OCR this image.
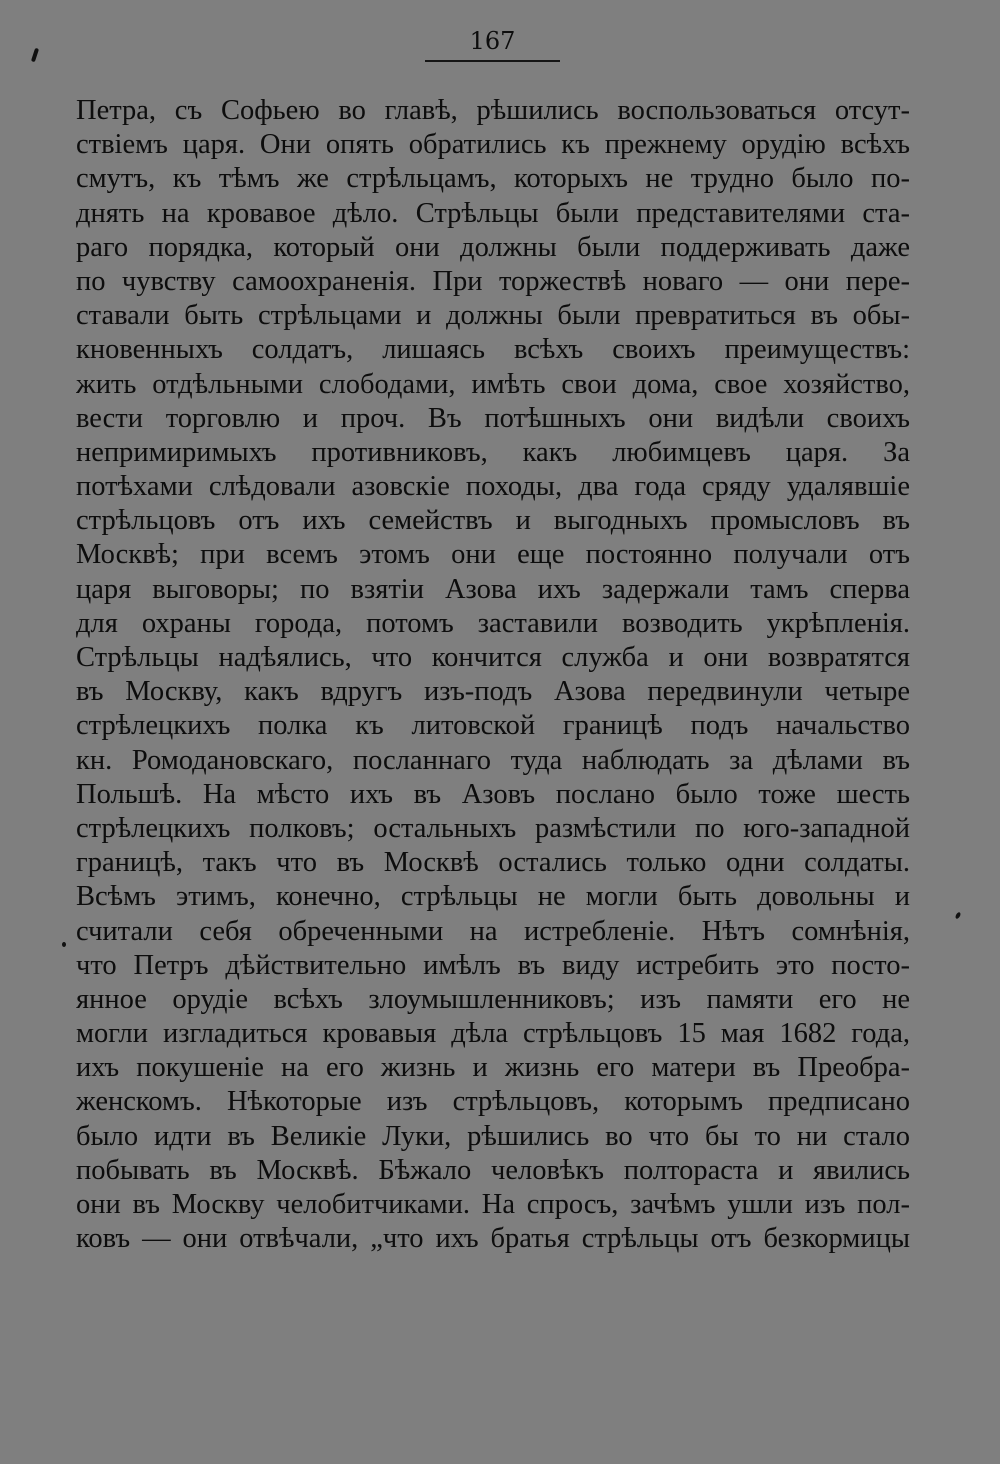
167
Петра, съ Софьею во главѣ, рѣшились воспользоваться отсут-
ствіемъ царя. Они опять обратились къ прежнему орудію всѣхъ
смутъ, къ тѣмъ же стрѣльцамъ, которыхъ не трудно было по-
днять на кровавое дѣло. Стрѣльцы были представителями ста-
раго порядка, который они должны были поддерживать даже
по чувству самоохраненія. При торжествѣ новаго — они пере-
ставали быть стрѣльцами и должны были превратиться въ обы-
кновенныхъ солдатъ, лишаясь всѣхъ своихъ преимуществъ:
жить отдѣльными слободами, имѣть свои дома, свое хозяйство,
вести торговлю и проч. Въ потѣшныхъ они видѣли своихъ
непримиримыхъ противниковъ, какъ любимцевъ царя. За
потѣхами слѣдовали азовскіе походы, два года сряду удалявшіе
стрѣльцовъ отъ ихъ семействъ и выгодныхъ промысловъ въ
Москвѣ; при всемъ этомъ они еще постоянно получали отъ
царя выговоры; по взятіи Азова ихъ задержали тамъ сперва
для охраны города, потомъ заставили возводить укрѣпленія.
Стрѣльцы надѣялись, что кончится служба и они возвратятся
въ Москву, какъ вдругъ изъ-подъ Азова передвинули четыре
стрѣлецкихъ полка къ литовской границѣ подъ начальство
кн. Ромодановскаго, посланнаго туда наблюдать за дѣлами въ
Польшѣ. На мѣсто ихъ въ Азовъ послано было тоже шесть
стрѣлецкихъ полковъ; остальныхъ размѣстили по юго-западной
границѣ, такъ что въ Москвѣ остались только одни солдаты.
Всѣмъ этимъ, конечно, стрѣльцы не могли быть довольны и
считали себя обреченными на истребленіе. Нѣтъ сомнѣнія,
что Петръ дѣйствительно имѣлъ въ виду истребить это посто-
янное орудіе всѣхъ злоумышленниковъ; изъ памяти его не
могли изгладиться кровавыя дѣла стрѣльцовъ 15 мая 1682 года,
ихъ покушеніе на его жизнь и жизнь его матери въ Преобра-
женскомъ. Нѣкоторые изъ стрѣльцовъ, которымъ предписано
было идти въ Великіе Луки, рѣшились во что бы то ни стало
побывать въ Москвѣ. Бѣжало человѣкъ полтораста и явились
они въ Москву челобитчиками. На спросъ, зачѣмъ ушли изъ пол-
ковъ — они отвѣчали, „что ихъ братья стрѣльцы отъ безкормицы
